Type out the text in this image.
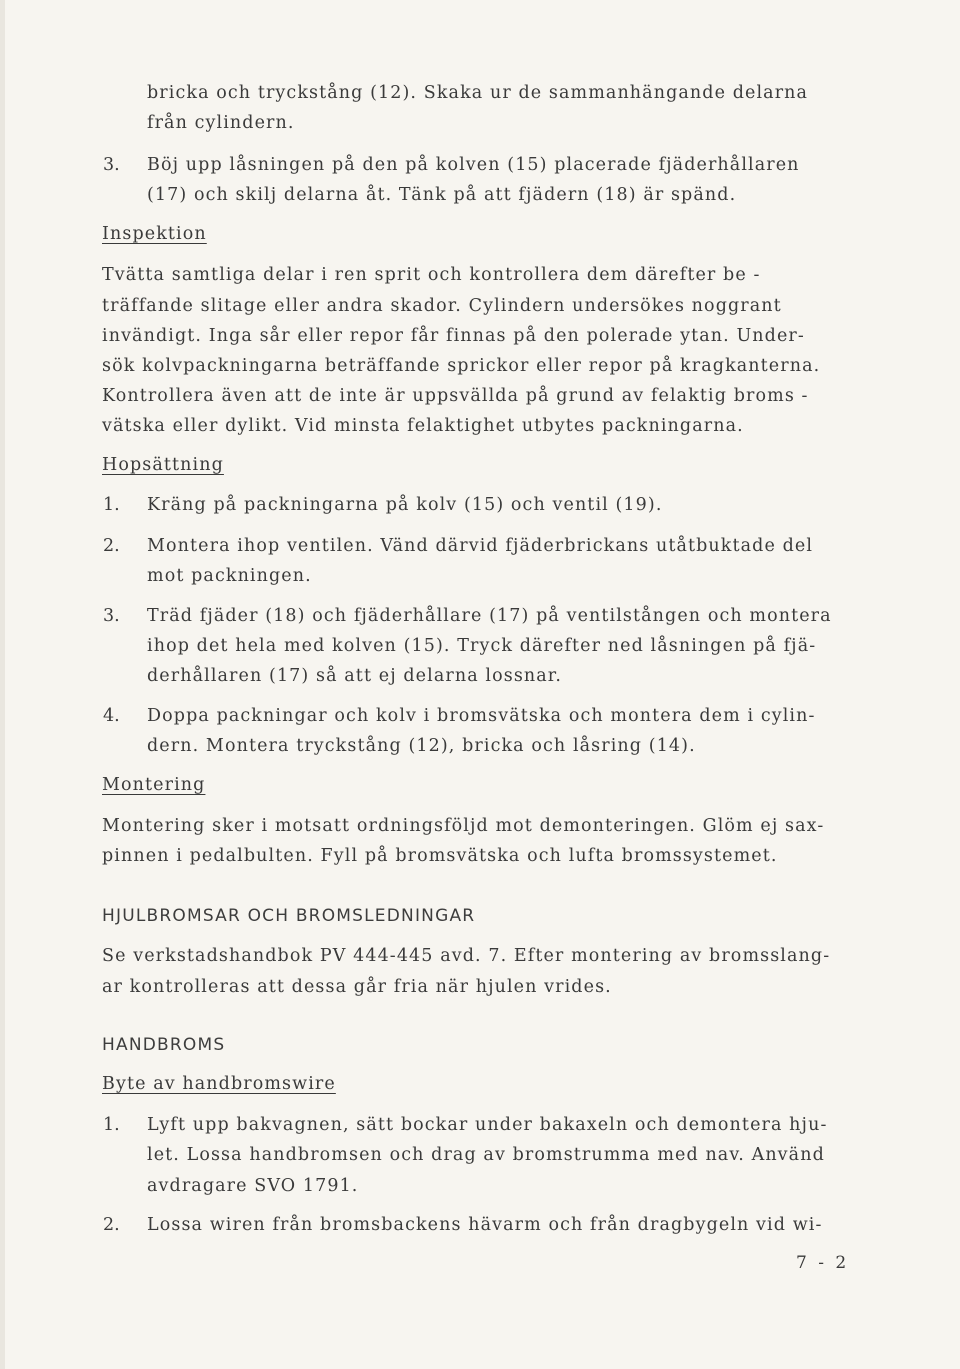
bricka och tryckstång (12). Skaka ur de sammanhängande delarna
från cylindern.
3. Böj upp låsningen på den på kolven (15) placerade fjäderhållaren
(17) och skilj delarna åt. Tänk på att fjädern (18) är spänd.
Inspektion
Tvätta samtliga delar i ren sprit och kontrollera dem därefter be -
träffande slitage eller andra skador. Cylindern undersökes noggrant
invändigt. Inga sår eller repor får finnas på den polerade ytan. Under-
sök kolvpackningarna beträffande sprickor eller repor på kragkanterna.
Kontrollera även att de inte är uppsvällda på grund av felaktig broms -
vätska eller dylikt. Vid minsta felaktighet utbytes packningarna.
Hopsättning
1. Kräng på packningarna på kolv (15) och ventil (19).
2. Montera ihop ventilen. Vänd därvid fjäderbrickans utåtbuktade del
mot packningen.
3. Träd fjäder (18) och fjäderhållare (17) på ventilstången och montera
ihop det hela med kolven (15). Tryck därefter ned låsningen på fjä-
derhållaren (17) så att ej delarna lossnar.
4. Doppa packningar och kolv i bromsvätska och montera dem i cylin-
dern. Montera tryckstång (12), bricka och låsring (14).
Montering
Montering sker i motsatt ordningsföljd mot demonteringen. Glöm ej sax-
pinnen i pedalbulten. Fyll på bromsvätska och lufta bromssystemet.
HJULBROMSAR OCH BROMSLEDNINGAR
Se verkstadshandbok PV 444-445 avd. 7. Efter montering av bromsslang-
ar kontrolleras att dessa går fria när hjulen vrides.
HANDBROMS
Byte av handbromswire
1. Lyft upp bakvagnen, sätt bockar under bakaxeln och demontera hju-
let. Lossa handbromsen och drag av bromstrumma med nav. Använd
avdragare SVO 1791.
2. Lossa wiren från bromsbackens hävarm och från dragbygeln vid wi-
7 - 2
